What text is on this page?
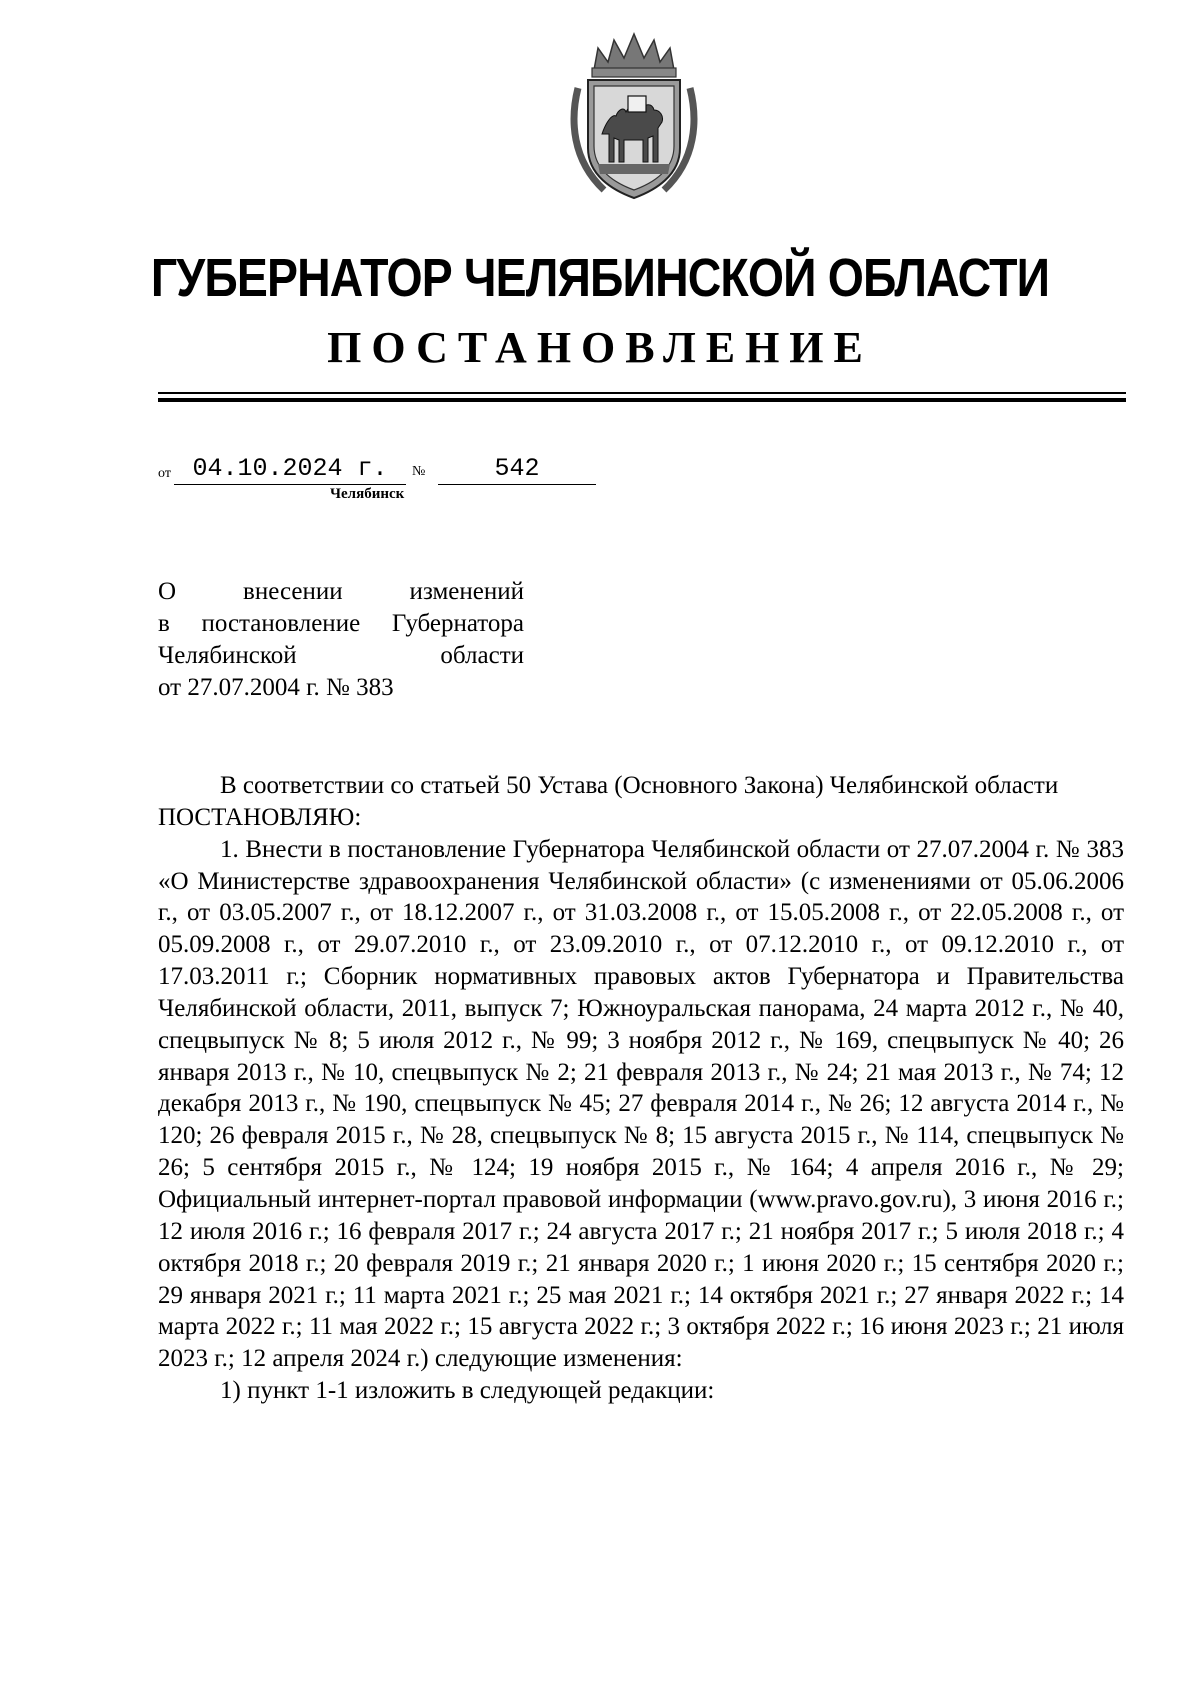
ГУБЕРНАТОР ЧЕЛЯБИНСКОЙ ОБЛАСТИ
ПОСТАНОВЛЕНИЕ
от 04.10.2024 г.	№	542
Челябинск
О внесении изменений
в постановление Губернатора
Челябинской области
от 27.07.2004 г. № 383
В соответствии со статьей 50 Устава (Основного Закона) Челябинской области
ПОСТАНОВЛЯЮ:
1. Внести в постановление Губернатора Челябинской области от 27.07.2004 г. № 383 «О Министерстве здравоохранения Челябинской области» (с изменениями от 05.06.2006 г., от 03.05.2007 г., от 18.12.2007 г., от 31.03.2008 г., от 15.05.2008 г., от 22.05.2008 г., от 05.09.2008 г., от 29.07.2010 г., от 23.09.2010 г., от 07.12.2010 г., от 09.12.2010 г., от 17.03.2011 г.; Сборник нормативных правовых актов Губернатора и Правительства Челябинской области, 2011, выпуск 7; Южноуральская панорама, 24 марта 2012 г., № 40, спецвыпуск № 8; 5 июля 2012 г., № 99; 3 ноября 2012 г., № 169, спецвыпуск № 40; 26 января 2013 г., № 10, спецвыпуск № 2; 21 февраля 2013 г., № 24; 21 мая 2013 г., № 74; 12 декабря 2013 г., № 190, спецвыпуск № 45; 27 февраля 2014 г., № 26; 12 августа 2014 г., № 120; 26 февраля 2015 г., № 28, спецвыпуск № 8; 15 августа 2015 г., № 114, спецвыпуск № 26; 5 сентября 2015 г., № 124; 19 ноября 2015 г., № 164; 4 апреля 2016 г., № 29; Официальный интернет-портал правовой информации (www.pravo.gov.ru), 3 июня 2016 г.; 12 июля 2016 г.; 16 февраля 2017 г.; 24 августа 2017 г.; 21 ноября 2017 г.; 5 июля 2018 г.; 4 октября 2018 г.; 20 февраля 2019 г.; 21 января 2020 г.; 1 июня 2020 г.; 15 сентября 2020 г.; 29 января 2021 г.; 11 марта 2021 г.; 25 мая 2021 г.; 14 октября 2021 г.; 27 января 2022 г.; 14 марта 2022 г.; 11 мая 2022 г.; 15 августа 2022 г.; 3 октября 2022 г.; 16 июня 2023 г.; 21 июля 2023 г.; 12 апреля 2024 г.) следующие изменения:
1) пункт 1-1 изложить в следующей редакции:
